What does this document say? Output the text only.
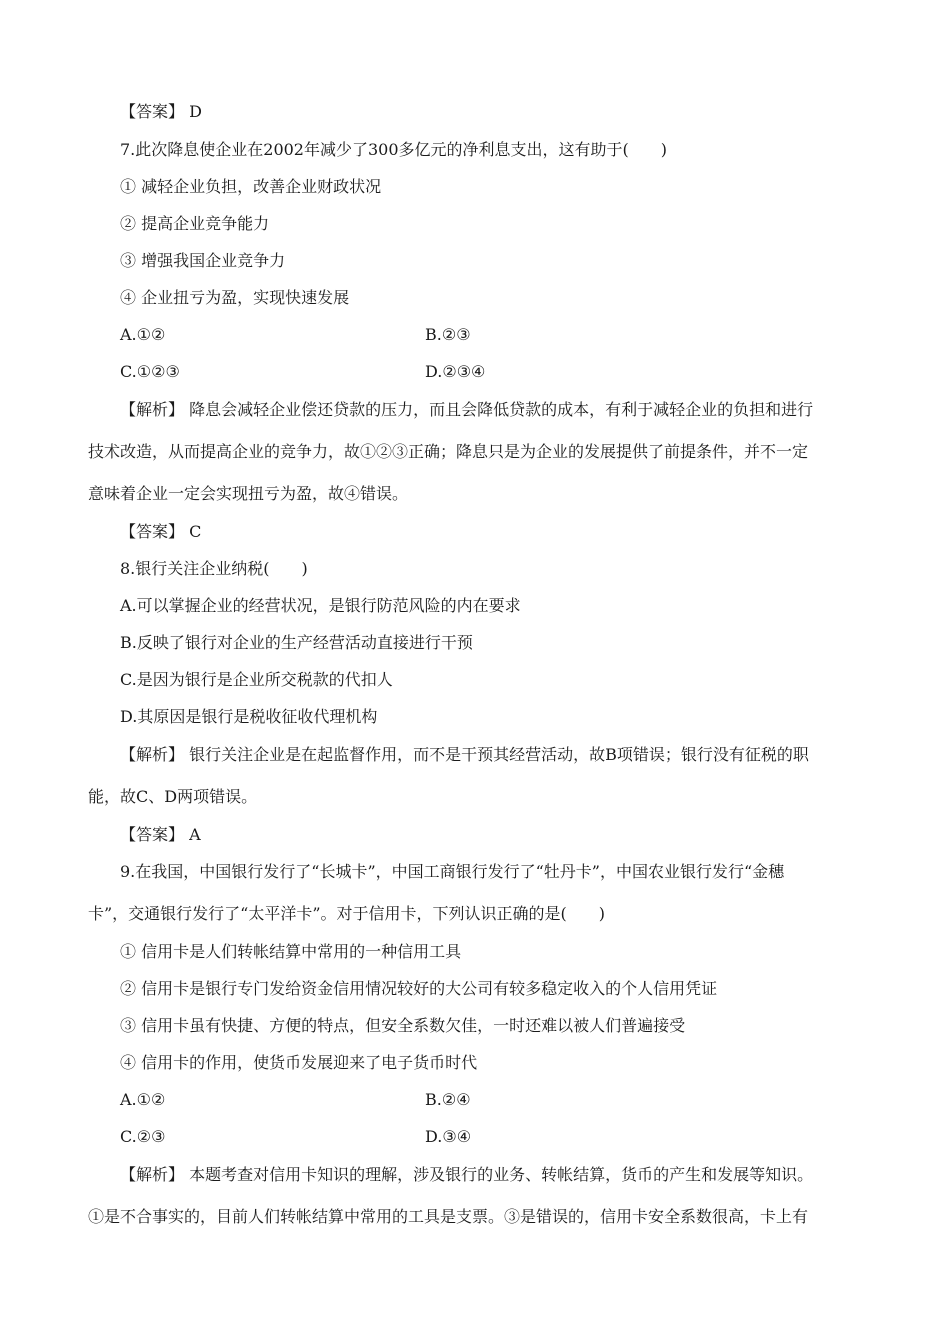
【答案】 D
7.此次降息使企业在2002年减少了300多亿元的净利息支出，这有助于(　　)
① 减轻企业负担，改善企业财政状况
② 提高企业竞争能力
③ 增强我国企业竞争力
④ 企业扭亏为盈，实现快速发展
A.①②	B.②③
C.①②③	D.②③④
【解析】 降息会减轻企业偿还贷款的压力，而且会降低贷款的成本，有利于减轻企业的负担和进行
技术改造，从而提高企业的竞争力，故①②③正确；降息只是为企业的发展提供了前提条件，并不一定
意味着企业一定会实现扭亏为盈，故④错误。
【答案】 C
8.银行关注企业纳税(　　)
A.可以掌握企业的经营状况，是银行防范风险的内在要求
B.反映了银行对企业的生产经营活动直接进行干预
C.是因为银行是企业所交税款的代扣人
D.其原因是银行是税收征收代理机构
【解析】 银行关注企业是在起监督作用，而不是干预其经营活动，故B项错误；银行没有征税的职
能，故C、D两项错误。
【答案】 A
9.在我国，中国银行发行了“长城卡”，中国工商银行发行了“牡丹卡”，中国农业银行发行“金穗
卡”，交通银行发行了“太平洋卡”。对于信用卡，下列认识正确的是(　　)
① 信用卡是人们转帐结算中常用的一种信用工具
② 信用卡是银行专门发给资金信用情况较好的大公司有较多稳定收入的个人信用凭证
③ 信用卡虽有快捷、方便的特点，但安全系数欠佳，一时还难以被人们普遍接受
④ 信用卡的作用，使货币发展迎来了电子货币时代
A.①②	B.②④
C.②③	D.③④
【解析】 本题考查对信用卡知识的理解，涉及银行的业务、转帐结算，货币的产生和发展等知识。
①是不合事实的，目前人们转帐结算中常用的工具是支票。③是错误的，信用卡安全系数很高，卡上有
